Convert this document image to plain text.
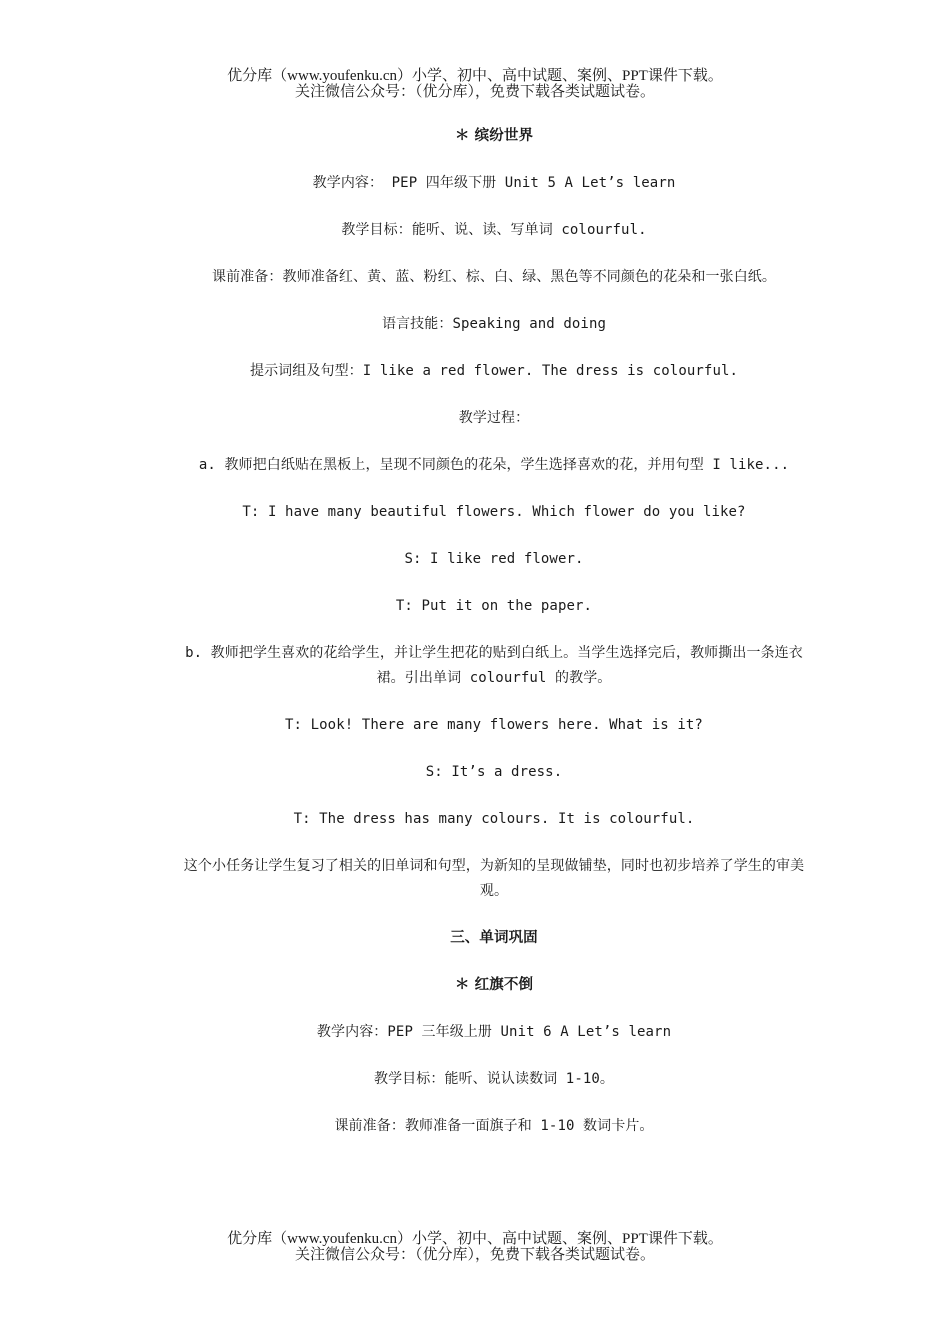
优分库（www.youfenku.cn）小学、初中、高中试题、案例、PPT课件下载。
关注微信公众号：（优分库），免费下载各类试题试卷。

＊ 缤纷世界

教学内容： PEP 四年级下册 Unit 5 A Let’s learn

教学目标：能听、说、读、写单词 colourful.

课前准备：教师准备红、黄、蓝、粉红、棕、白、绿、黑色等不同颜色的花朵和一张白纸。

语言技能：Speaking and doing

提示词组及句型：I like a red flower. The dress is colourful.

教学过程：

a. 教师把白纸贴在黑板上，呈现不同颜色的花朵，学生选择喜欢的花，并用句型 I like...

T: I have many beautiful flowers. Which flower do you like?

S: I like red flower.

T: Put it on the paper.

b. 教师把学生喜欢的花给学生，并让学生把花的贴到白纸上。当学生选择完后，教师撕出一条连衣裙。引出单词 colourful 的教学。

T: Look! There are many flowers here. What is it?

S: It’s a dress.

T: The dress has many colours. It is colourful.

这个小任务让学生复习了相关的旧单词和句型，为新知的呈现做铺垫，同时也初步培养了学生的审美观。

三、单词巩固

＊ 红旗不倒

教学内容：PEP 三年级上册 Unit 6 A Let’s learn

教学目标：能听、说认读数词 1-10。

课前准备：教师准备一面旗子和 1-10 数词卡片。

优分库（www.youfenku.cn）小学、初中、高中试题、案例、PPT课件下载。
关注微信公众号：（优分库），免费下载各类试题试卷。
